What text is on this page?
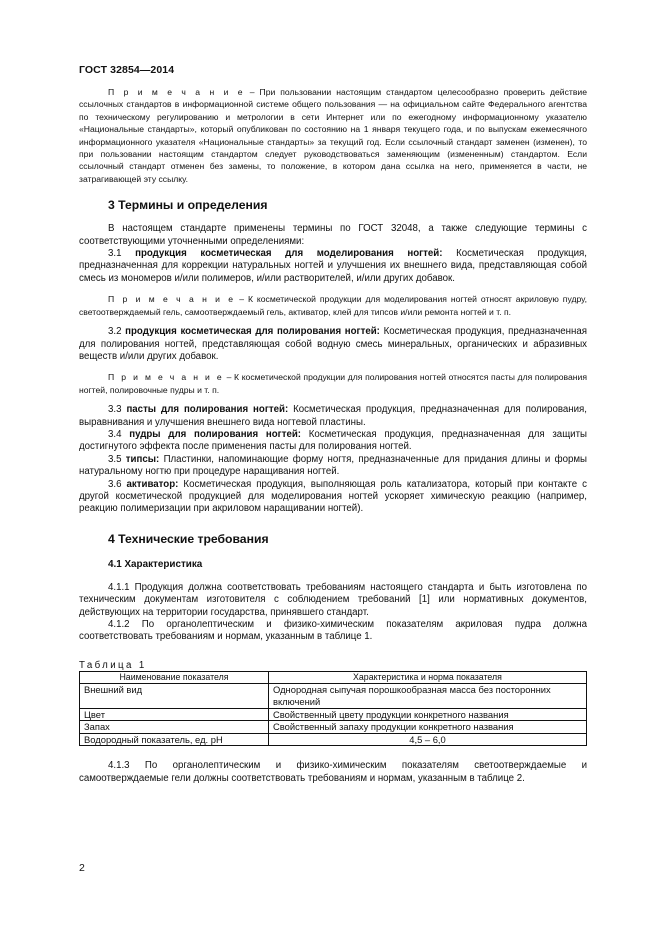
ГОСТ 32854—2014

П р и м е ч а н и е – При пользовании настоящим стандартом целесообразно проверить действие ссылочных стандартов в информационной системе общего пользования — на официальном сайте Федерального агентства по техническому регулированию и метрологии в сети Интернет или по ежегодному информационному указателю «Национальные стандарты», который опубликован по состоянию на 1 января текущего года, и по выпускам ежемесячного информационного указателя «Национальные стандарты» за текущий год. Если ссылочный стандарт заменен (изменен), то при пользовании настоящим стандартом следует руководствоваться заменяющим (измененным) стандартом. Если ссылочный стандарт отменен без замены, то положение, в котором дана ссылка на него, применяется в части, не затрагивающей эту ссылку.

3 Термины и определения

В настоящем стандарте применены термины по ГОСТ 32048, а также следующие термины с соответствующими уточненными определениями:

3.1 продукция косметическая для моделирования ногтей: Косметическая продукция, предназначенная для коррекции натуральных ногтей и улучшения их внешнего вида, представляющая собой смесь из мономеров и/или полимеров, и/или растворителей, и/или других добавок.

П р и м е ч а н и е – К косметической продукции для моделирования ногтей относят акриловую пудру, светоотверждаемый гель, самоотверждаемый гель, активатор, клей для типсов и/или ремонта ногтей и т. п.

3.2 продукция косметическая для полирования ногтей: Косметическая продукция, предназначенная для полирования ногтей, представляющая собой водную смесь минеральных, органических и абразивных веществ и/или других добавок.

П р и м е ч а н и е – К косметической продукции для полирования ногтей относятся пасты для полирования ногтей, полировочные пудры и т. п.

3.3 пасты для полирования ногтей: Косметическая продукция, предназначенная для полирования, выравнивания и улучшения внешнего вида ногтевой пластины.

3.4 пудры для полирования ногтей: Косметическая продукция, предназначенная для защиты достигнутого эффекта после применения пасты для полирования ногтей.

3.5 типсы: Пластинки, напоминающие форму ногтя, предназначенные для придания длины и формы натуральному ногтю при процедуре наращивания ногтей.

3.6 активатор: Косметическая продукция, выполняющая роль катализатора, который при контакте с другой косметической продукцией для моделирования ногтей ускоряет химическую реакцию (например, реакцию полимеризации при акриловом наращивании ногтей).

4 Технические требования
4.1 Характеристика

4.1.1 Продукция должна соответствовать требованиям настоящего стандарта и быть изготовлена по техническим документам изготовителя с соблюдением требований [1] или нормативных документов, действующих на территории государства, принявшего стандарт.

4.1.2 По органолептическим и физико-химическим показателям акриловая пудра должна соответствовать требованиям и нормам, указанным в таблице 1.

Таблица 1

Наименование показателя	Характеристика и норма показателя
Внешний вид	Однородная сыпучая порошкообразная масса без посторонних включений
Цвет	Свойственный цвету продукции конкретного названия
Запах	Свойственный запаху продукции конкретного названия
Водородный показатель, ед. pH	4,5 – 6,0

4.1.3 По органолептическим и физико-химическим показателям светоотверждаемые и самоотверждаемые гели должны соответствовать требованиям и нормам, указанным в таблице 2.

2
